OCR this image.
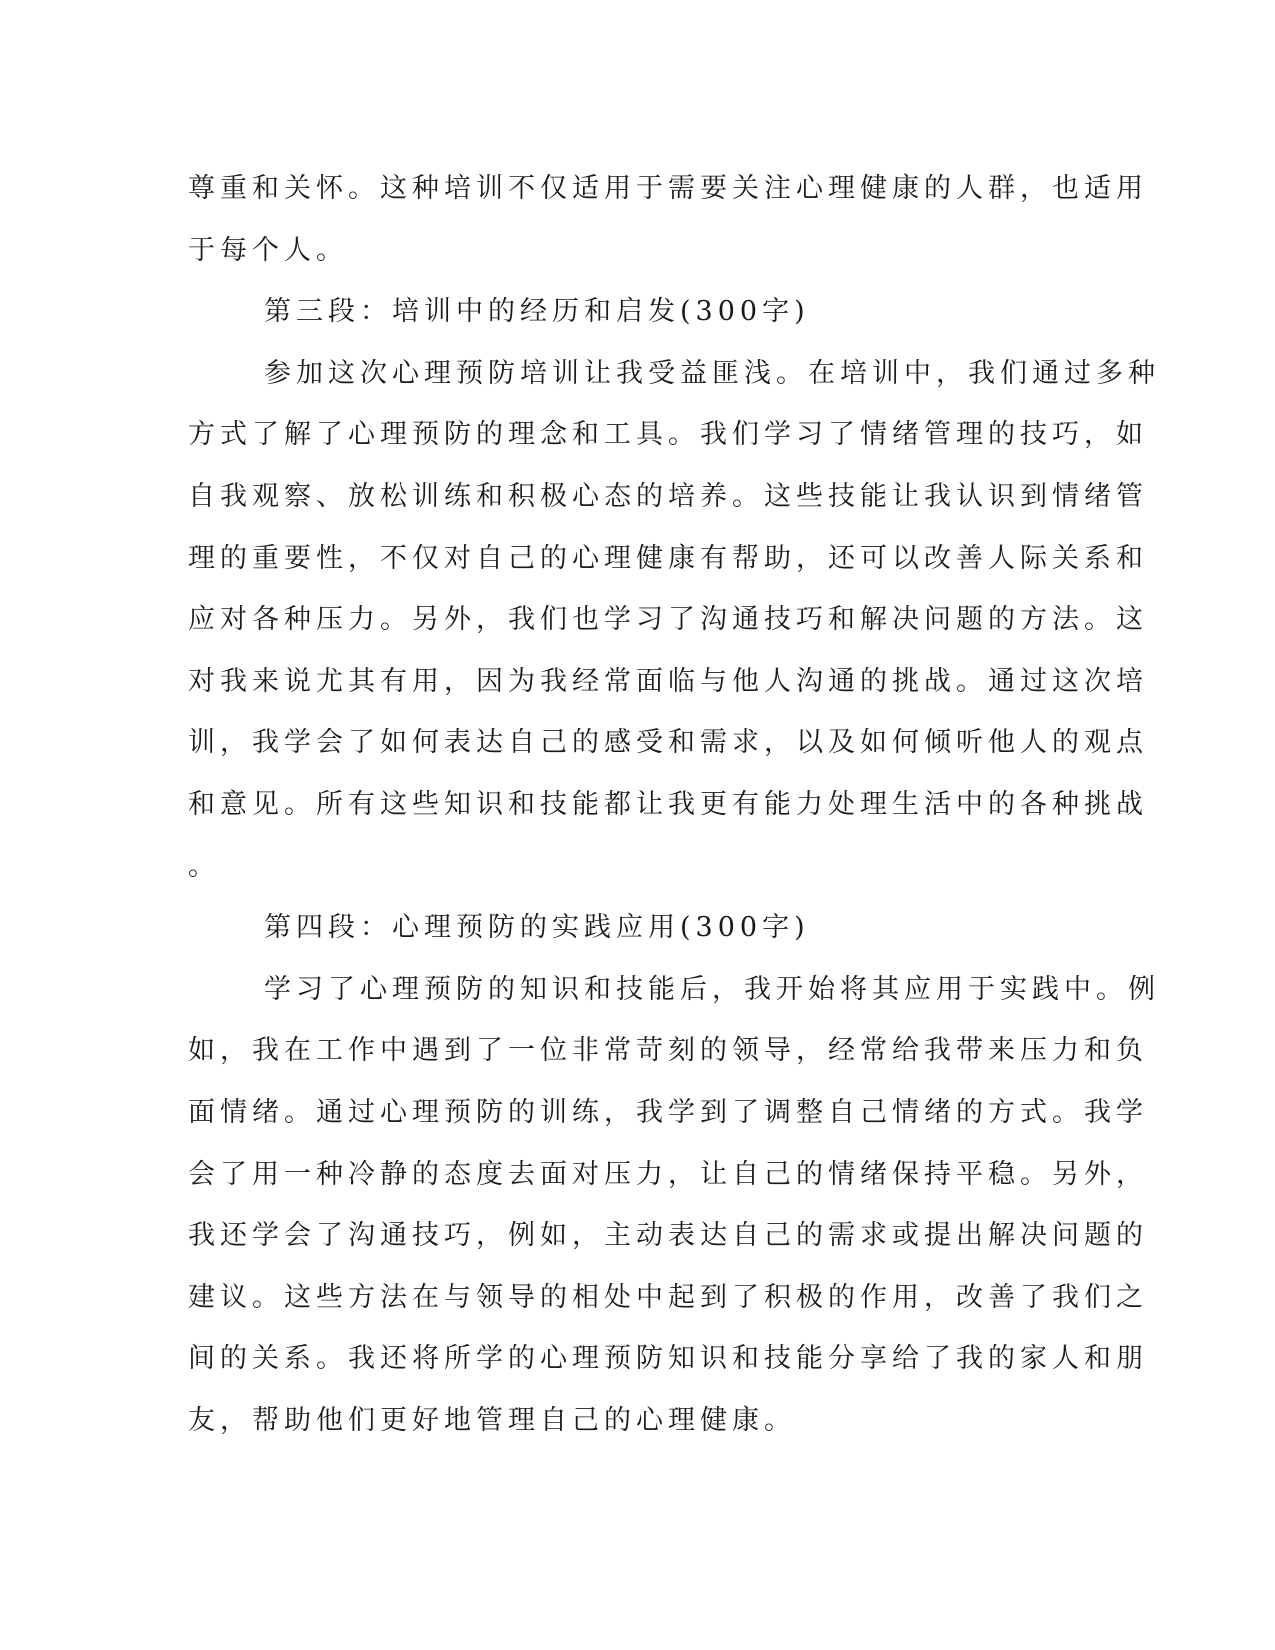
尊重和关怀。这种培训不仅适用于需要关注心理健康的人群，也适用
于每个人。
第三段：培训中的经历和启发(300字)
参加这次心理预防培训让我受益匪浅。在培训中，我们通过多种
方式了解了心理预防的理念和工具。我们学习了情绪管理的技巧，如
自我观察、放松训练和积极心态的培养。这些技能让我认识到情绪管
理的重要性，不仅对自己的心理健康有帮助，还可以改善人际关系和
应对各种压力。另外，我们也学习了沟通技巧和解决问题的方法。这
对我来说尤其有用，因为我经常面临与他人沟通的挑战。通过这次培
训，我学会了如何表达自己的感受和需求，以及如何倾听他人的观点
和意见。所有这些知识和技能都让我更有能力处理生活中的各种挑战
。
第四段：心理预防的实践应用(300字)
学习了心理预防的知识和技能后，我开始将其应用于实践中。例
如，我在工作中遇到了一位非常苛刻的领导，经常给我带来压力和负
面情绪。通过心理预防的训练，我学到了调整自己情绪的方式。我学
会了用一种冷静的态度去面对压力，让自己的情绪保持平稳。另外，
我还学会了沟通技巧，例如，主动表达自己的需求或提出解决问题的
建议。这些方法在与领导的相处中起到了积极的作用，改善了我们之
间的关系。我还将所学的心理预防知识和技能分享给了我的家人和朋
友，帮助他们更好地管理自己的心理健康。
